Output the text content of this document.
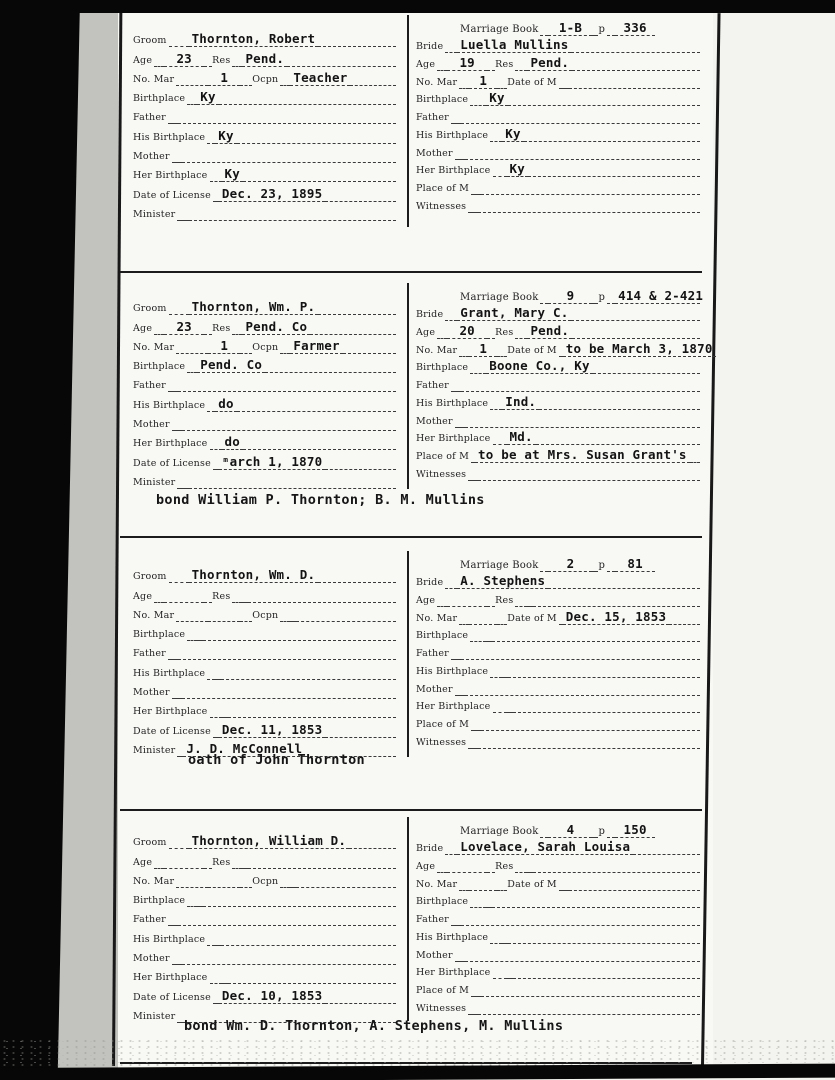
Groom Thornton, Robert
Age	23	Res Pend.
No. Mar	1	Ocpn Teacher
Birthplace Ky
Father
His Birthplace Ky
Mother
Her Birthplace Ky
Date of License Dec. 23, 1895
Minister
Marriage Book	1-B	p	336
Bride Luella Mullins
Age	19	Res Pend.
No. Mar	1	Date of M
Birthplace Ky
Father
His Birthplace Ky
Mother
Her Birthplace Ky
Place of M
Witnesses
Groom Thornton, Wm. P.
Age	23	Res Pend. Co
No. Mar	1	Ocpn Farmer
Birthplace Pend. Co
Father
His Birthplace do
Mother
Her Birthplace do
Date of License ᵐarch 1, 1870
Minister
Marriage Book	9	p 414 & 2-421
Bride Grant, Mary C.
Age	20	Res Pend.
No. Mar	1	Date of M to be March 3, 1870
Birthplace Boone Co., Ky
Father
His Birthplace Ind.
Mother
Her Birthplace Md.
Place of M to be at Mrs. Susan Grant's
Witnesses
bond William P. Thornton; B. M. Mullins
Groom Thornton, Wm. D.
Age	Res
No. Mar	Ocpn
Birthplace
Father
His Birthplace
Mother
Her Birthplace
Date of License Dec. 11, 1853
Minister J. D. McConnell
Marriage Book	2	p	81
Bride A. Stephens
Age	Res
No. Mar	Date of M Dec. 15, 1853
Birthplace
Father
His Birthplace
Mother
Her Birthplace
Place of M
Witnesses
oath of John Thornton
Groom Thornton, William D.
Age	Res
No. Mar	Ocpn
Birthplace
Father
His Birthplace
Mother
Her Birthplace
Date of License Dec. 10, 1853
Minister
Marriage Book	4	p	150
Bride Lovelace, Sarah Louisa
Age	Res
No. Mar	Date of M
Birthplace
Father
His Birthplace
Mother
Her Birthplace
Place of M
Witnesses
bond Wm. D. Thornton, A. Stephens, M. Mullins
